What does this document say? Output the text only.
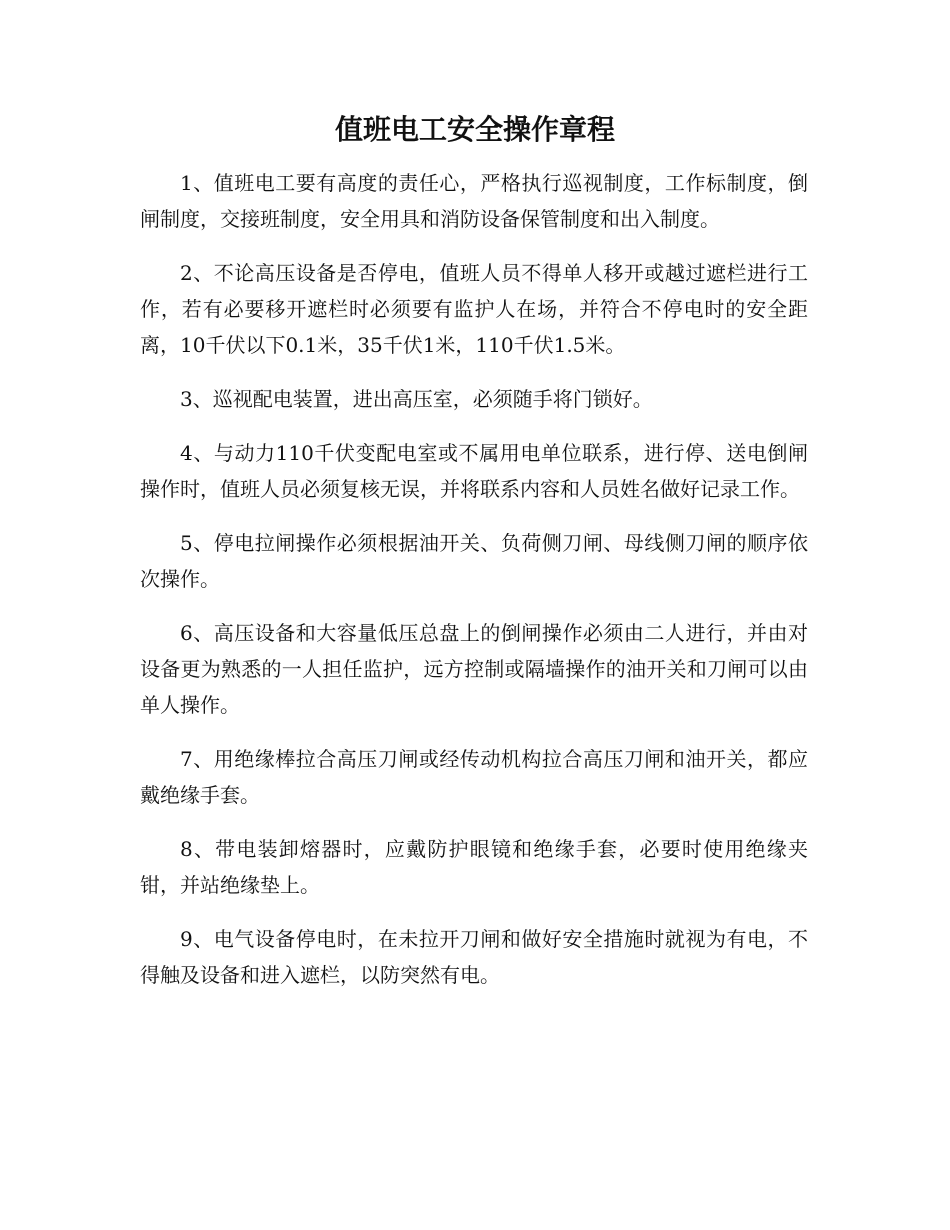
值班电工安全操作章程

1、值班电工要有高度的责任心，严格执行巡视制度，工作标制度，倒闸制度，交接班制度，安全用具和消防设备保管制度和出入制度。

2、不论高压设备是否停电，值班人员不得单人移开或越过遮栏进行工作，若有必要移开遮栏时必须要有监护人在场，并符合不停电时的安全距离，10千伏以下0.1米，35千伏1米，110千伏1.5米。

3、巡视配电装置，进出高压室，必须随手将门锁好。

4、与动力110千伏变配电室或不属用电单位联系，进行停、送电倒闸操作时，值班人员必须复核无误，并将联系内容和人员姓名做好记录工作。

5、停电拉闸操作必须根据油开关、负荷侧刀闸、母线侧刀闸的顺序依次操作。

6、高压设备和大容量低压总盘上的倒闸操作必须由二人进行，并由对设备更为熟悉的一人担任监护，远方控制或隔墙操作的油开关和刀闸可以由单人操作。

7、用绝缘棒拉合高压刀闸或经传动机构拉合高压刀闸和油开关，都应戴绝缘手套。

8、带电装卸熔器时，应戴防护眼镜和绝缘手套，必要时使用绝缘夹钳，并站绝缘垫上。

9、电气设备停电时，在未拉开刀闸和做好安全措施时就视为有电，不得触及设备和进入遮栏，以防突然有电。
